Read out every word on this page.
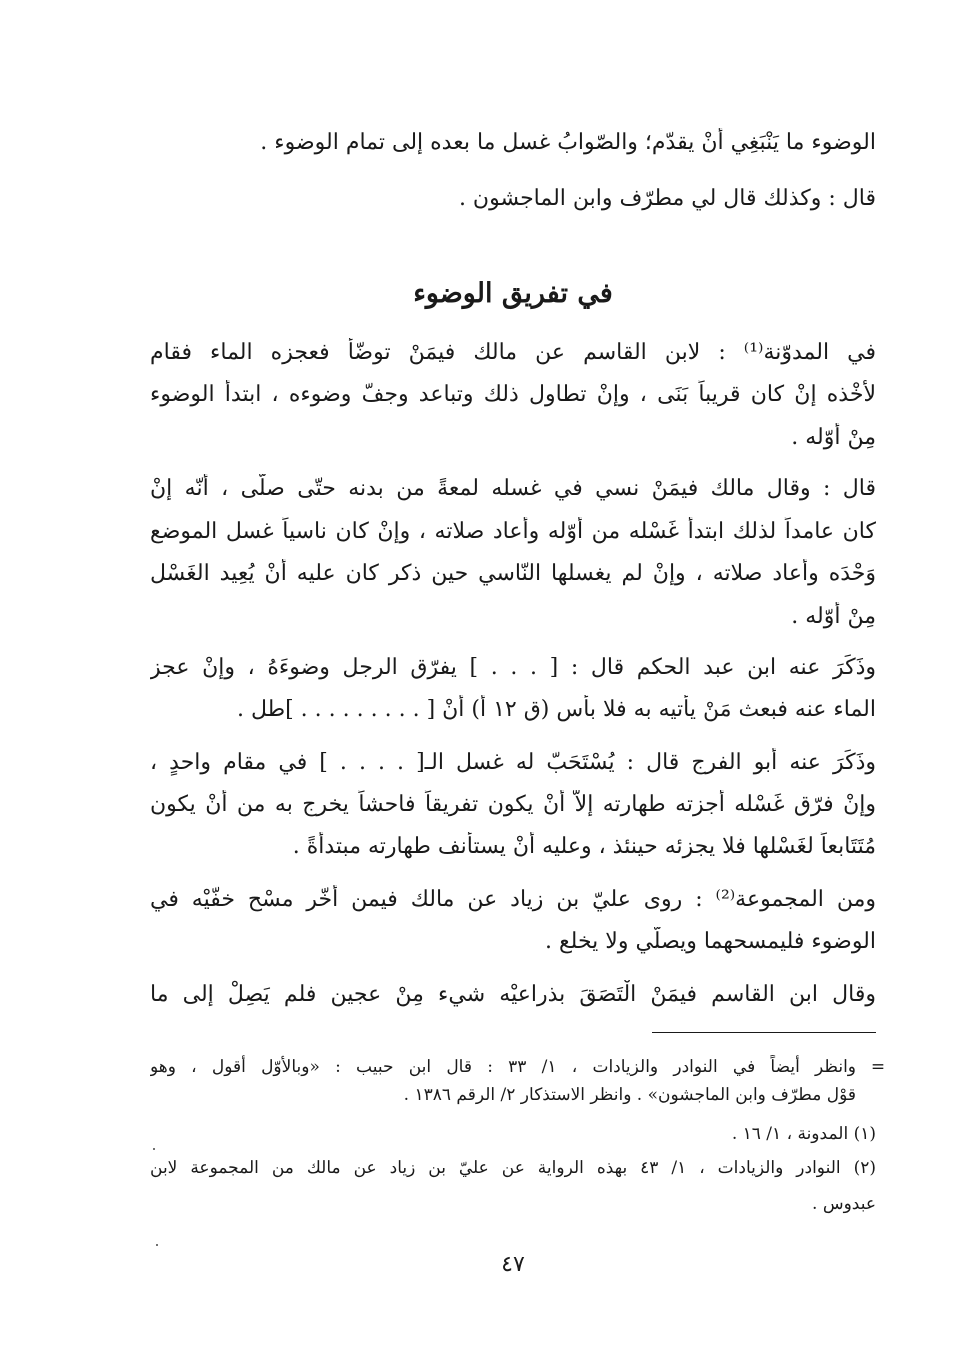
الوضوء ما يَنْبَغِي أنْ يقدّم؛ والصّوابُ غسل ما بعده إلى تمام الوضوء .
قال : وكذلك قال لي مطرّف وابن الماجشون .
في تفريق الوضوء
في المدوّنة⁽¹⁾ : لابن القاسم عن مالك فيمَنْ توضّأ فعجزه الماء فقام
لأخْذه إنْ كان قريباً بَنَى ، وإنْ تطاول ذلك وتباعد وجفّ وضوءه ، ابتدأ الوضوء
مِنْ أوّله .
قال : وقال مالك فيمَنْ نسي في غسله لمعةً من بدنه حتّى صلّى ، أنّه إنْ
كان عامداً لذلك ابتدأ غَسْله من أوّله وأعاد صلاته ، وإنْ كان ناسياً غسل الموضع
وَحْدَه وأعاد صلاته ، وإنْ لم يغسلها النّاسي حين ذكر كان عليه أنْ يُعِيد الغَسْل
مِنْ أوّله .
وذَكَرَ عنه ابن عبد الحكم قال : [ . . . ] يفرّق الرجل وضوءَهُ ، وإنْ عجز
الماء عنه فبعث مَنْ يأتيه به فلا بأس (ق ١٢ أ) أنْ [ . . . . . . . . . ]طل .
وذَكَرَ عنه أبو الفرج قال : يُسْتَحَبّ له غسل الـ[ . . . . ] في مقام واحدٍ ،
وإنْ فرّق غَسْله أجزته طهارته إلاّ أنْ يكون تفريقاً فاحشاً يخرج به من أنْ يكون
مُتَتَابعاً لغَسْلها فلا يجزئه حينئذ ، وعليه أنْ يستأنف طهارته مبتدأةً .
ومن المجموعة⁽²⁾ : روى عليّ بن زياد عن مالك فيمن أخّر مسْح خفّيْه في
الوضوء فليمسحهما ويصلّي ولا يخلع .
وقال ابن القاسم فيمَنْ الْتَصَقَ بذراعيْه شيء مِنْ عجين فلم يَصِلْ إلى ما
=
وانظر أيضاً في النوادر والزيادات ، ١/ ٣٣ : قال ابن حبيب : «وبالأوّل أقول ، وهو
قوْل مطرّف وابن الماجشون» . وانظر الاستذكار ٢/ الرقم ١٣٨٦ .
(١) المدونة ، ١/ ١٦ .
(٢) النوادر والزيادات ، ١/ ٤٣ بهذه الرواية عن عليّ بن زياد عن مالك من المجموعة لابن
عبدوس .
٤٧
